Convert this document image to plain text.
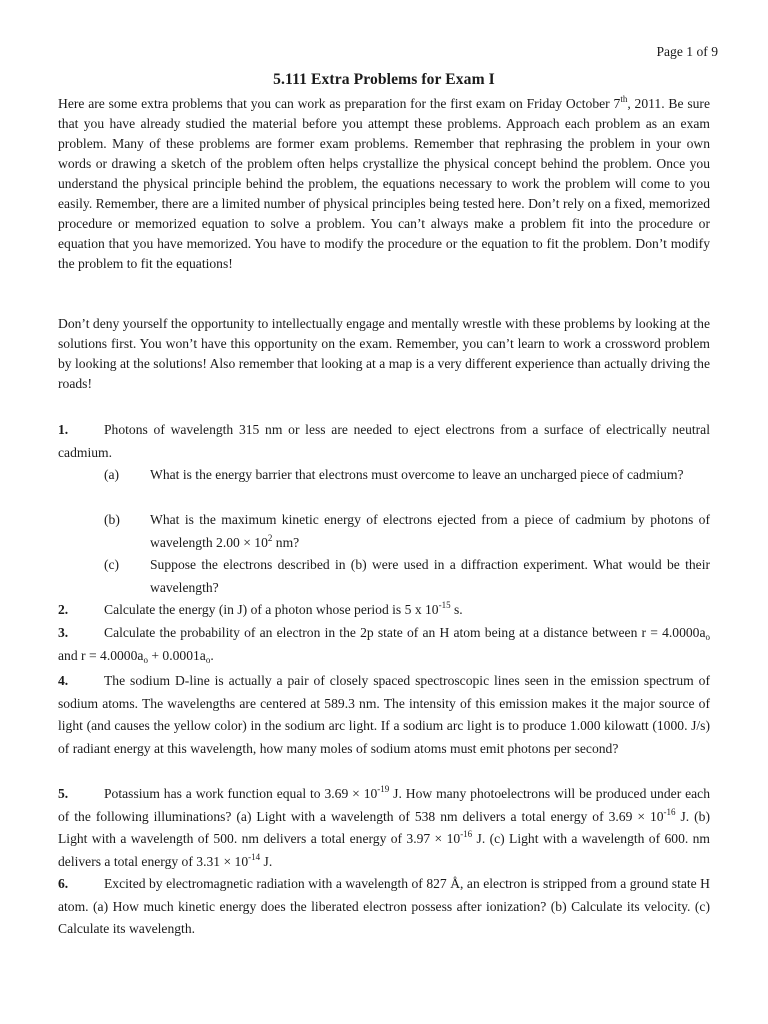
Page 1 of 9
5.111 Extra Problems for Exam I

Here are some extra problems that you can work as preparation for the first exam on Friday October 7th, 2011. Be sure that you have already studied the material before you attempt these problems. Approach each problem as an exam problem. Many of these problems are former exam problems. Remember that rephrasing the problem in your own words or drawing a sketch of the problem often helps crystallize the physical concept behind the problem. Once you understand the physical principle behind the problem, the equations necessary to work the problem will come to you easily. Remember, there are a limited number of physical principles being tested here. Don’t rely on a fixed, memorized procedure or memorized equation to solve a problem. You can’t always make a problem fit into the procedure or equation that you have memorized. You have to modify the procedure or the equation to fit the problem. Don’t modify the problem to fit the equations!

Don’t deny yourself the opportunity to intellectually engage and mentally wrestle with these problems by looking at the solutions first. You won’t have this opportunity on the exam. Remember, you can’t learn to work a crossword problem by looking at the solutions! Also remember that looking at a map is a very different experience than actually driving the roads!

1.	Photons of wavelength 315 nm or less are needed to eject electrons from a surface of electrically neutral cadmium.

(a)	What is the energy barrier that electrons must overcome to leave an uncharged piece of cadmium?
(b)	What is the maximum kinetic energy of electrons ejected from a piece of cadmium by photons of wavelength $2.00 \times 10^2$ nm?
(c)	Suppose the electrons described in (b) were used in a diffraction experiment. What would be their wavelength?

2.	Calculate the energy (in J) of a photon whose period is 5 x $10^{-15}$ s.

3.	Calculate the probability of an electron in the 2p state of an H atom being at a distance between $r = 4.0000a_o$ and $r = 4.0000a_o + 0.0001a_o$.

4.	The sodium D-line is actually a pair of closely spaced spectroscopic lines seen in the emission spectrum of sodium atoms. The wavelengths are centered at 589.3 nm. The intensity of this emission makes it the major source of light (and causes the yellow color) in the sodium arc light. If a sodium arc light is to produce 1.000 kilowatt (1000. J/s) of radiant energy at this wavelength, how many moles of sodium atoms must emit photons per second?

5.	Potassium has a work function equal to $3.69 \times 10^{-19}$ J. How many photoelectrons will be produced under each of the following illuminations? (a) Light with a wavelength of 538 nm delivers a total energy of $3.69 \times 10^{-16}$ J. (b) Light with a wavelength of 500. nm delivers a total energy of $3.97 \times 10^{-16}$ J. (c) Light with a wavelength of 600. nm delivers a total energy of $3.31 \times 10^{-14}$ J.

6.	Excited by electromagnetic radiation with a wavelength of 827 Å, an electron is stripped from a ground state H atom. (a) How much kinetic energy does the liberated electron possess after ionization? (b) Calculate its velocity. (c) Calculate its wavelength.
